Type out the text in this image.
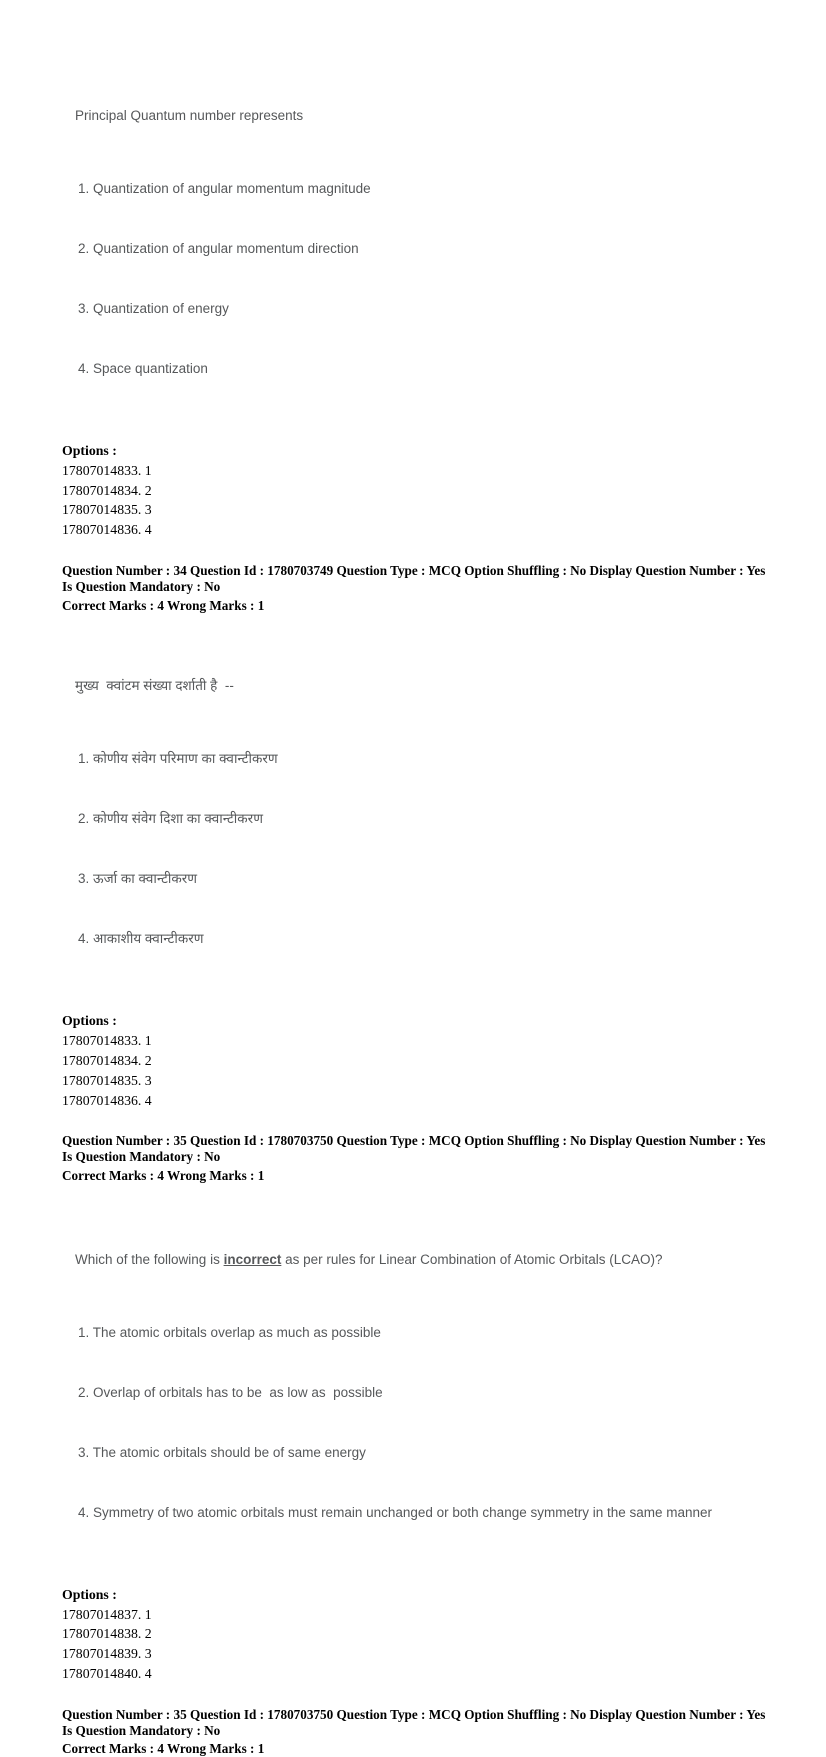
Principal Quantum number represents

1. Quantization of angular momentum magnitude

2. Quantization of angular momentum direction

3. Quantization of energy

4. Space quantization

Options :

17807014833. 1

17807014834. 2

17807014835. 3

17807014836. 4

Question Number : 34 Question Id : 1780703749 Question Type : MCQ Option Shuffling : No Display Question Number : Yes

Is Question Mandatory : No

Correct Marks : 4 Wrong Marks : 1

मुख्य  क्वांटम संख्या दर्शाती है  --

1. कोणीय संवेग परिमाण का क्वान्टीकरण

2. कोणीय संवेग दिशा का क्वान्टीकरण

3. ऊर्जा का क्वान्टीकरण

4. आकाशीय क्वान्टीकरण

Options :

17807014833. 1

17807014834. 2

17807014835. 3

17807014836. 4

Question Number : 35 Question Id : 1780703750 Question Type : MCQ Option Shuffling : No Display Question Number : Yes

Is Question Mandatory : No

Correct Marks : 4 Wrong Marks : 1

Which of the following is incorrect as per rules for Linear Combination of Atomic Orbitals (LCAO)?

1. The atomic orbitals overlap as much as possible

2. Overlap of orbitals has to be  as low as  possible

3. The atomic orbitals should be of same energy

4. Symmetry of two atomic orbitals must remain unchanged or both change symmetry in the same manner

Options :

17807014837. 1

17807014838. 2

17807014839. 3

17807014840. 4

Question Number : 35 Question Id : 1780703750 Question Type : MCQ Option Shuffling : No Display Question Number : Yes

Is Question Mandatory : No

Correct Marks : 4 Wrong Marks : 1
